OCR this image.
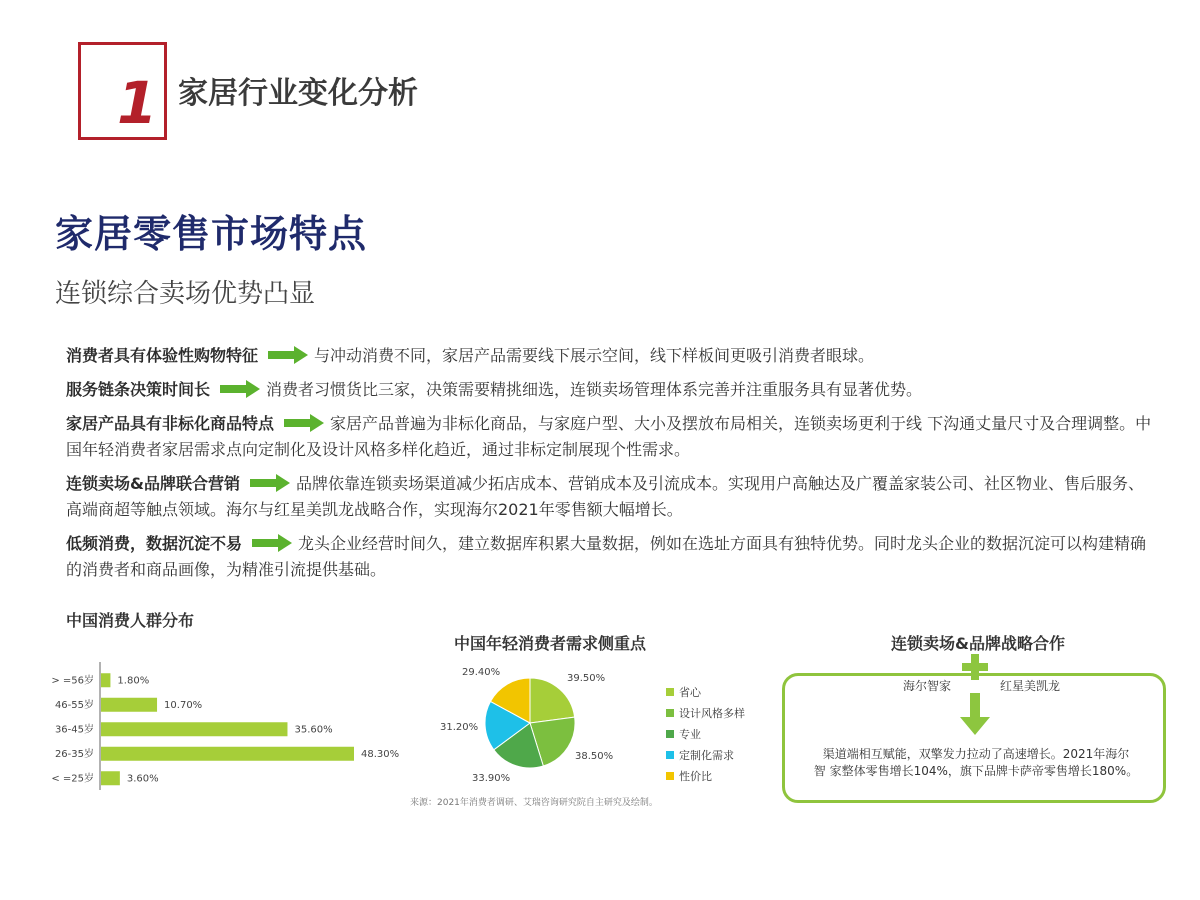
1 家居行业变化分析
家居零售市场特点
连锁综合卖场优势凸显
消费者具有体验性购物特征	与冲动消费不同，家居产品需要线下展示空间，线下样板间更吸引消费者眼球。
服务链条决策时间长	消费者习惯货比三家，决策需要精挑细选，连锁卖场管理体系完善并注重服务具有显著优势。
家居产品具有非标化商品特点	家居产品普遍为非标化商品，与家庭户型、大小及摆放布局相关，连锁卖场更利于线 下沟通丈量尺寸及合理调整。中国年轻消费者家居需求点向定制化及设计风格多样化趋近，通过非标定制展现个性需求。
连锁卖场&品牌联合营销	品牌依靠连锁卖场渠道减少拓店成本、营销成本及引流成本。实现用户高触达及广覆盖家装公司、社区物业、售后服务、高端商超等触点领域。海尔与红星美凯龙战略合作，实现海尔2021年零售额大幅增长。
低频消费，数据沉淀不易	龙头企业经营时间久，建立数据库积累大量数据，例如在选址方面具有独特优势。同时龙头企业的数据沉淀可以构建精确的消费者和商品画像，为精准引流提供基础。
中国消费人群分布
> =56岁 1.80%
46-55岁	10.70%
36-45岁	35.60%
26-35岁	48.30%
< =25岁	3.60%
中国年轻消费者需求侧重点
39.50%
38.50%
33.90%
31.20%
29.40%
省心
设计风格多样
专业
定制化需求
性价比
来源：2021年消费者调研、艾瑞咨询研究院自主研究及绘制。
连锁卖场&品牌战略合作
海尔智家	红星美凯龙
渠道端相互赋能，双擎发力拉动了高速增长。2021年海尔
智 家整体零售增长104%，旗下品牌卡萨帝零售增长180%。
